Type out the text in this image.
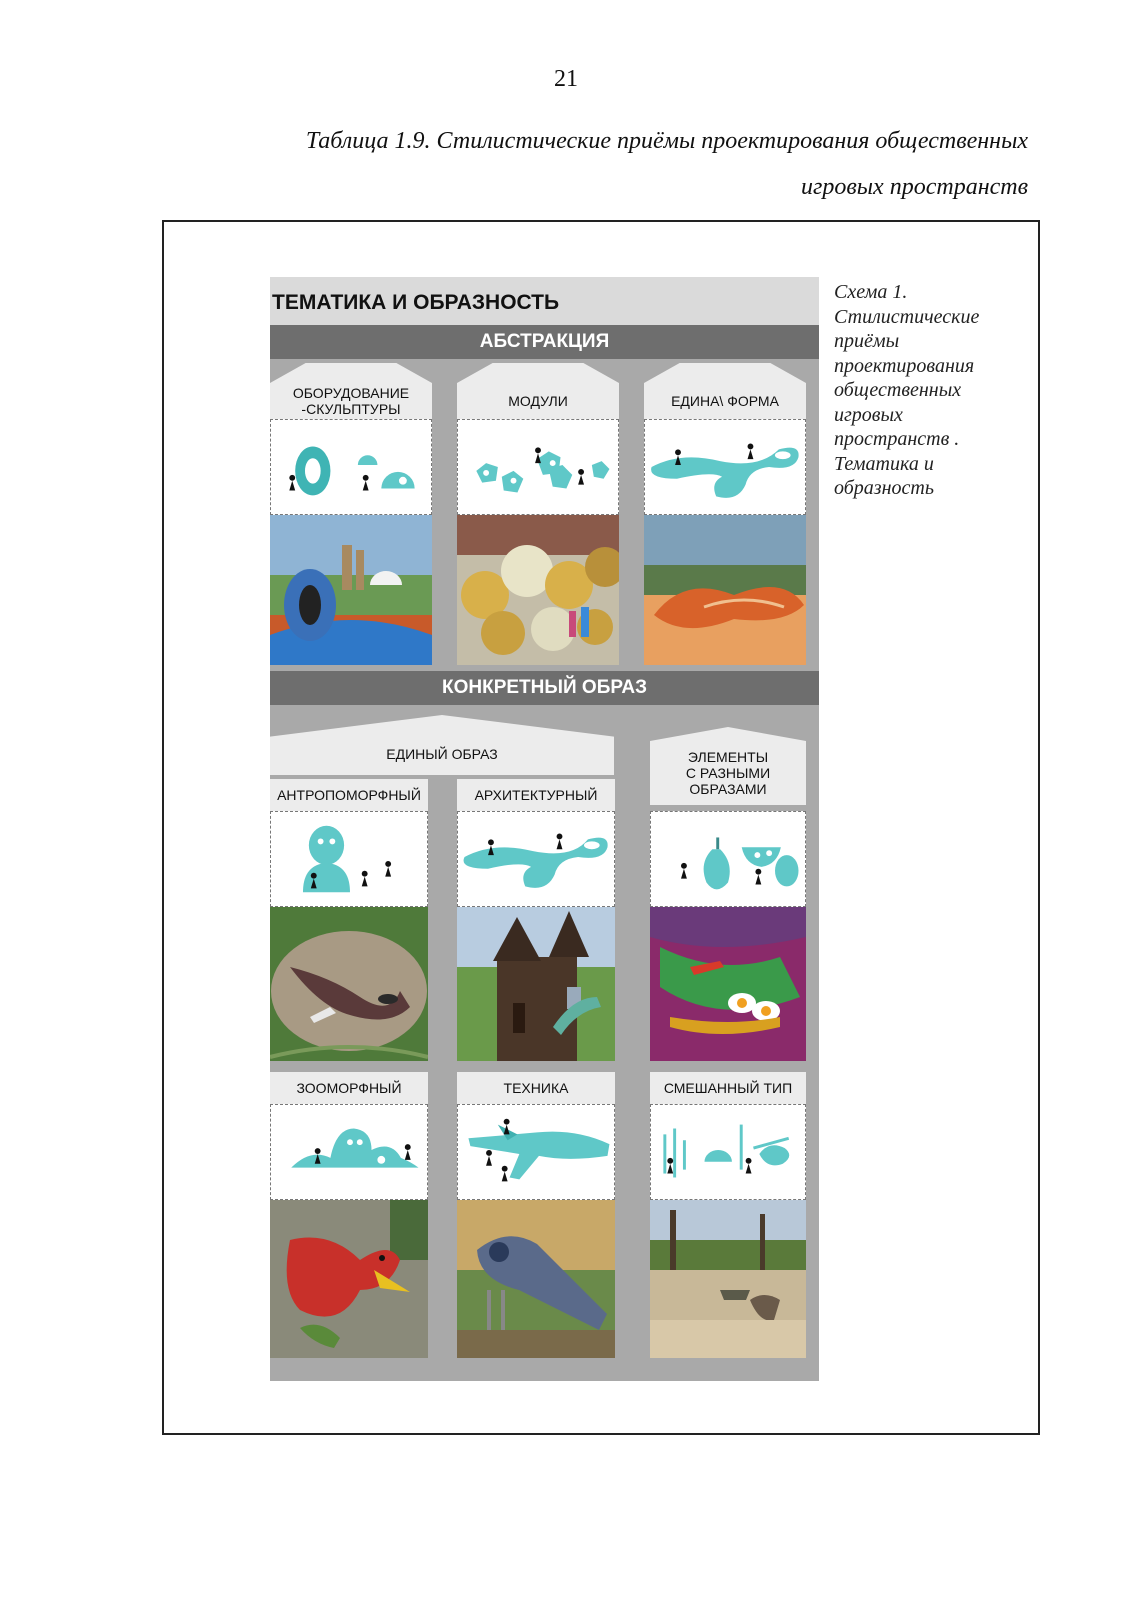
21
Таблица 1.9. Стилистические приёмы проектирования общественных
игровых пространств
Схема 1.
Стилистические
приёмы
проектирования
общественных
игровых
пространств .
Тематика и
образность
ТЕМАТИКА И ОБРАЗНОСТЬ
АБСТРАКЦИЯ
ОБОРУДОВАНИЕ
-СКУЛЬПТУРЫ	МОДУЛИ	ЕДИНА\ ФОРМА
КОНКРЕТНЫЙ ОБРАЗ
ЕДИНЫЙ ОБРАЗ	ЭЛЕМЕНТЫ
С РАЗНЫМИ
ОБРАЗАМИ
АНТРОПОМОРФНЫЙ	АРХИТЕКТУРНЫЙ
ЗООМОРФНЫЙ	ТЕХНИКА	СМЕШАННЫЙ ТИП
